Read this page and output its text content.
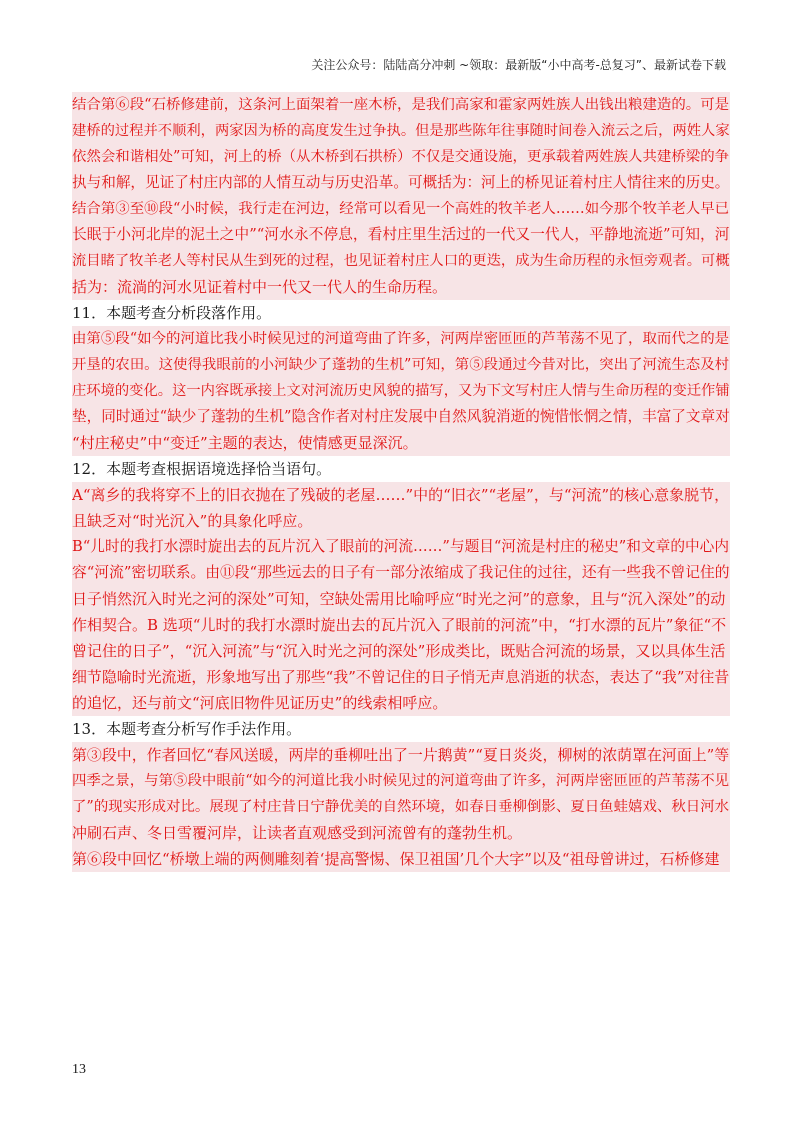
关注公众号：陆陆高分冲刺 ~领取：最新版“小中高考-总复习”、最新试卷下载
结合第⑥段“石桥修建前，这条河上面架着一座木桥，是我们高家和霍家两姓族人出钱出粮建造的。可是
建桥的过程并不顺利，两家因为桥的高度发生过争执。但是那些陈年往事随时间卷入流云之后，两姓人家
依然会和谐相处”可知，河上的桥（从木桥到石拱桥）不仅是交通设施，更承载着两姓族人共建桥梁的争
执与和解，见证了村庄内部的人情互动与历史沿革。可概括为：河上的桥见证着村庄人情往来的历史。
结合第③至⑩段“小时候，我行走在河边，经常可以看见一个高姓的牧羊老人……如今那个牧羊老人早已
长眠于小河北岸的泥土之中”“河水永不停息，看村庄里生活过的一代又一代人，平静地流逝”可知，河
流目睹了牧羊老人等村民从生到死的过程，也见证着村庄人口的更迭，成为生命历程的永恒旁观者。可概
括为：流淌的河水见证着村中一代又一代人的生命历程。
11．本题考查分析段落作用。
由第⑤段“如今的河道比我小时候见过的河道弯曲了许多，河两岸密匝匝的芦苇荡不见了，取而代之的是
开垦的农田。这使得我眼前的小河缺少了蓬勃的生机”可知，第⑤段通过今昔对比，突出了河流生态及村
庄环境的变化。这一内容既承接上文对河流历史风貌的描写，又为下文写村庄人情与生命历程的变迁作铺
垫，同时通过“缺少了蓬勃的生机”隐含作者对村庄发展中自然风貌消逝的惋惜怅惘之情，丰富了文章对
“村庄秘史”中“变迁”主题的表达，使情感更显深沉。
12．本题考查根据语境选择恰当语句。
A“离乡的我将穿不上的旧衣抛在了残破的老屋……”中的“旧衣”“老屋”，与“河流”的核心意象脱节，
且缺乏对“时光沉入”的具象化呼应。
B“儿时的我打水漂时旋出去的瓦片沉入了眼前的河流……”与题目“河流是村庄的秘史”和文章的中心内
容“河流”密切联系。由⑪段“那些远去的日子有一部分浓缩成了我记住的过往，还有一些我不曾记住的
日子悄然沉入时光之河的深处”可知，空缺处需用比喻呼应“时光之河”的意象，且与“沉入深处”的动
作相契合。B 选项“儿时的我打水漂时旋出去的瓦片沉入了眼前的河流”中，“打水漂的瓦片”象征“不
曾记住的日子”，“沉入河流”与“沉入时光之河的深处”形成类比，既贴合河流的场景，又以具体生活
细节隐喻时光流逝，形象地写出了那些“我”不曾记住的日子悄无声息消逝的状态，表达了“我”对往昔
的追忆，还与前文“河底旧物件见证历史”的线索相呼应。
13．本题考查分析写作手法作用。
第③段中，作者回忆“春风送暖，两岸的垂柳吐出了一片鹅黄”“夏日炎炎，柳树的浓荫罩在河面上”等
四季之景，与第⑤段中眼前“如今的河道比我小时候见过的河道弯曲了许多，河两岸密匝匝的芦苇荡不见
了”的现实形成对比。展现了村庄昔日宁静优美的自然环境，如春日垂柳倒影、夏日鱼蛙嬉戏、秋日河水
冲刷石声、冬日雪覆河岸，让读者直观感受到河流曾有的蓬勃生机。
第⑥段中回忆“桥墩上端的两侧雕刻着‘提高警惕、保卫祖国’几个大字”以及“祖母曾讲过，石桥修建
13
